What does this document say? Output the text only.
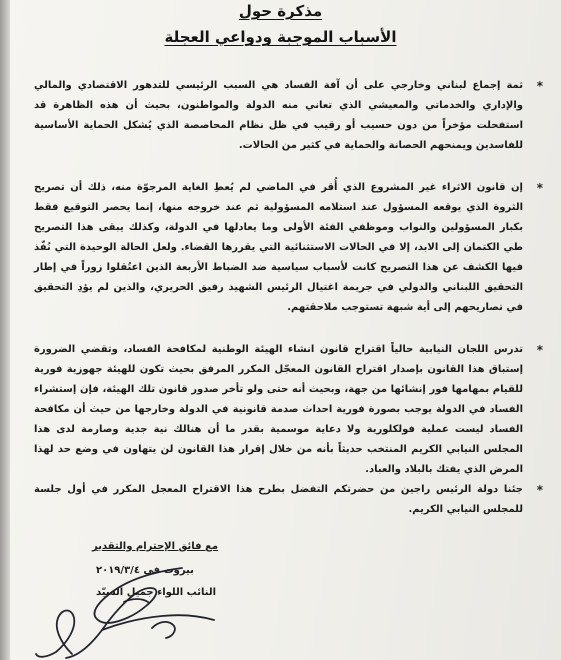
مذكرة حول
الأسباب الموجبة ودواعي العجلة

*
ثمة إجماع لبناني وخارجي على أن آفة الفساد هي السبب الرئيسي للتدهور الاقتصادي والمالي والإداري والخدماتي والمعيشي الذي تعاني منه الدولة والمواطنون، بحيث أن هذه الظاهرة قد استفحلت مؤخراً من دون حسيب أو رقيب في ظل نظام المحاصصة الذي يُشكل الحماية الأساسية للفاسدين ويمنحهم الحصانة والحماية في كثير من الحالات.

*
إن قانون الاثراء غير المشروع الذي أُقر في الماضي لم يُعطِ الغاية المرجوّة منه، ذلك أن تصريح الثروة الذي يوقعه المسؤول عند استلامه المسؤولية ثم عند خروجه منها، إنما يحصر التوقيع فقط بكبار المسؤولين والنواب وموظفي الفئة الأولى وما يعادلها في الدولة، وكذلك يبقى هذا التصريح طي الكتمان إلى الابد، إلا في الحالات الاستثنائية التي يقررها القضاء. ولعل الحالة الوحيدة التي نُفّذ فيها الكشف عن هذا التصريح كانت لأسباب سياسية ضد الضباط الأربعة الذين اعتُقلوا زوراً في إطار التحقيق اللبناني والدولي في جريمة اغتيال الرئيس الشهيد رفيق الحريري، والذين لم يؤدِ التحقيق في تصاريحهم إلى أية شبهة تستوجب ملاحقتهم.

*
تدرس اللجان النيابية حالياً اقتراح قانون انشاء الهيئة الوطنية لمكافحة الفساد، وتقضي الضرورة إستباق هذا القانون بإصدار اقتراح القانون المعجّل المكرر المرفق بحيث تكون للهيئة جهوزية فورية للقيام بمهامها فور إنشائها من جهة، وبحيث أنه حتى ولو تأخر صدور قانون تلك الهيئة، فإن إستشراء الفساد في الدولة يوجب بصورة فورية احداث صدمة قانونية في الدولة وخارجها من حيث أن مكافحة الفساد ليست عملية فولكلورية ولا دعاية موسمية بقدر ما أن هنالك نية جدية وصارمة لدى هذا المجلس النيابي الكريم المنتخب حديثاً بأنه من خلال إقرار هذا القانون لن يتهاون في وضع حد لهذا المرض الذي يفتك بالبلاد والعباد.

*
جئنا دولة الرئيس راجين من حضرتكم التفضل بطرح هذا الاقتراح المعجل المكرر في أول جلسة للمجلس النيابي الكريم.

مع فائق الإحترام والتقدير
بيروت في ٢٠١٩/٣/٤
النائب اللواء جميل السيّد
